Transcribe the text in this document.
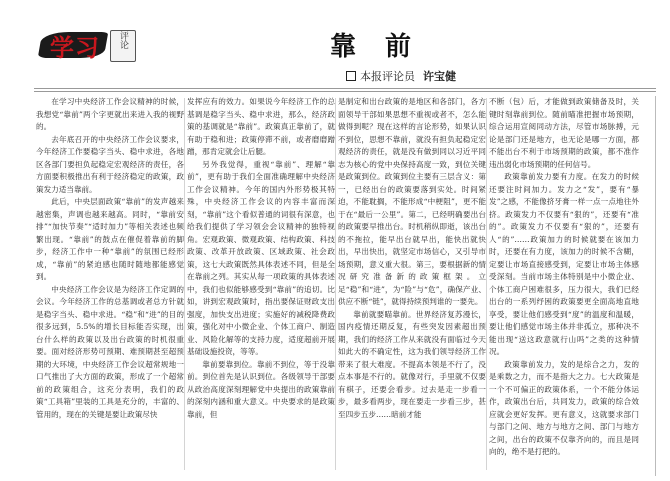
学习	评论	靠 前
本报评论员 许宝健

在学习中央经济工作会议精神的时候，我想党“靠前”两个字更就出来进入我的视野的。

去年底召开的中央经济工作会议要求，今年经济工作要稳字当头、稳中求进，各地区各部门要担负起稳定宏观经济的责任，各方面要积极推出有利于经济稳定的政策，政策发力适当靠前。

此后，中央层面政策“靠前”的发声越来越密集，声调也越来越高。同时，“靠前安排”“加快节奏”“适时加力”等相关表述也频繁出现。“靠前”的鼓点在催促着靠前的脚步，经济工作中一种“靠前”的氛围已经形成，“靠前”的紧迫感也随时随地都能感觉到。

中央经济工作会议是为经济工作定调的会议。今年经济工作的总基调或者总方针就是稳字当头、稳中求进。“稳”和“进”的目的很多远到，5.5%的增长目标能否实现，出台什么样的政策以及出台政策的时机很重要。面对经济形势可预期、难预期甚至超预期的大环境，中央经济工作会议超常规地一口气推出了大方面的政策，形成了一个超常前的政策组合，这充分表明，我们的政策“工具箱”里装的工具是充分的，丰富的、管用的，现在的关键是要让政策尽快

发挥应有的效力。如果说今年经济工作的总基调是稳字当头、稳中求进，那么，经济政策的基调就是“靠前”。政策真正靠前了，就有助于稳和进；政策停滞不前，或者磨磨蹭蹭，那肯定就会让后腿。

另外我觉得，重视“靠前”、理解“靠前”，更有助于我们全面准确理解中央经济工作会议精神。今年的国内外形势极其特殊，中央经济工作会议的内容丰富而深刻，“靠前”这个看似普通的词很有深意，也给我们提供了学习领会会议精神的独特视角。宏观政策、微观政策、结构政策、科技政策、改革开放政策、区域政策、社会政策，这七大政策既然具体表述不同，但是全在靠前之列。其实从每一项政策的具体表述中，我们也似能够感受到“靠前”的追切。比如，讲到宏观政策时，指出要保证财政支出强度，加快支出进度；实施好的减税降费政策，强化对中小微企业、个体工商户、制造业、风险化解等的支持力度，适度超前开展基础设施投资，等等。

靠前要靠到位。靠前不到位，等于没靠前。到位首先是认识到位。各级领导干部要从政治高度深刻理解党中央提出的政策靠前的深刻内涵和重大意义。中央要求的是政策靠前，但

是制定和出台政策的是地区和各部门，各方面领导干部如果思想不重视或者不，怎么能做得到呢？现在这样的言论形势，如果认识不到位，思想不靠前，就没有担负起稳定宏观经济的责任，就是没有做到同以习近平同志为核心的党中央保持高度一致，到位关键是政策到位。政策到位主要有三层含义：第一，已经出台的政策要落到实处。时间紧迫，不能耽搁，不能形成“中梗阻”，更不能于在“最后一公里”。第二，已经明确要出台的政策要早推出台。时机稍纵即逝，该出台的不拖拉，能早出台就早出，能快出就快出，早出快出，就坚定市场信心，又引导市场预期，意义重大很。第三，要根据新的情况研究准备新的政策框架。立足“稳”和“进”，为“险”与“危”，确保产业、供应不断“链”，就得持续预判谁的一要先。

靠前就要瞄靠前。世界经济复苏漫长，国内疫情还期反复，有些突发因素超出预期，我们的经济工作从来就没有面临过今天如此大的不确定性，这为我们领导经济工作带来了很大难度。不提高本领是不行了，没点本事是不行的。就像对行，手里就不仅要有棋子，还要会看步。过去是走一步看一步，最多看两步，现在要走一步看三步，甚至四步五步……暗前才能

不断（包）后，才能做到政策储备及时，关键时刻靠前到位。随前瞄准把握市场预期，综合运用宣阅同动方法，尽管市场脉搏，元论是部门还是地方，也无论是哪一方面，都不能出台不利于市场预期的政策，都不准作违出弱化市场预期的任何信号。

政策靠前发力要有力度。在发力的时候还要注时间加力。发力之“发”，要有“暴发”之感，不能像挤牙膏一样一点一点地往外挤。政策发力不仅要有“狠的”，还要有“准的”。政策发力不仅要有“狠的”，还要有人“的”……政策加力的时候就要在该加力时，还要在有力度，该加力的时候不含糊，定要让市场直接感受到，定要让市场主体感受深刻。当前市场主体特别是中小微企业、个体工商户困难很多，压力很大，我们已经出台的一系列纾困的政策要更全面高地直地享受，要让他们感受到“度”的温度和温暖，要让他们感觉市场主体并非孤立，那种决不能出现“送这政意就行山吗”之类的这种情况。

政策靠前发力，发的是综合之力，发的是乘数之力，而不是指大之力。七大政策是一个不可偏正的政策体系，一个不能分体运作，政策出台后，共同发力，政策的综合效应就会更好发挥。更有意义，这就要求部门与部门之间、地方与地方之间、部门与地方之间，出台的政策不仅靠齐向的，而且是同向的，绝不是打把的。
